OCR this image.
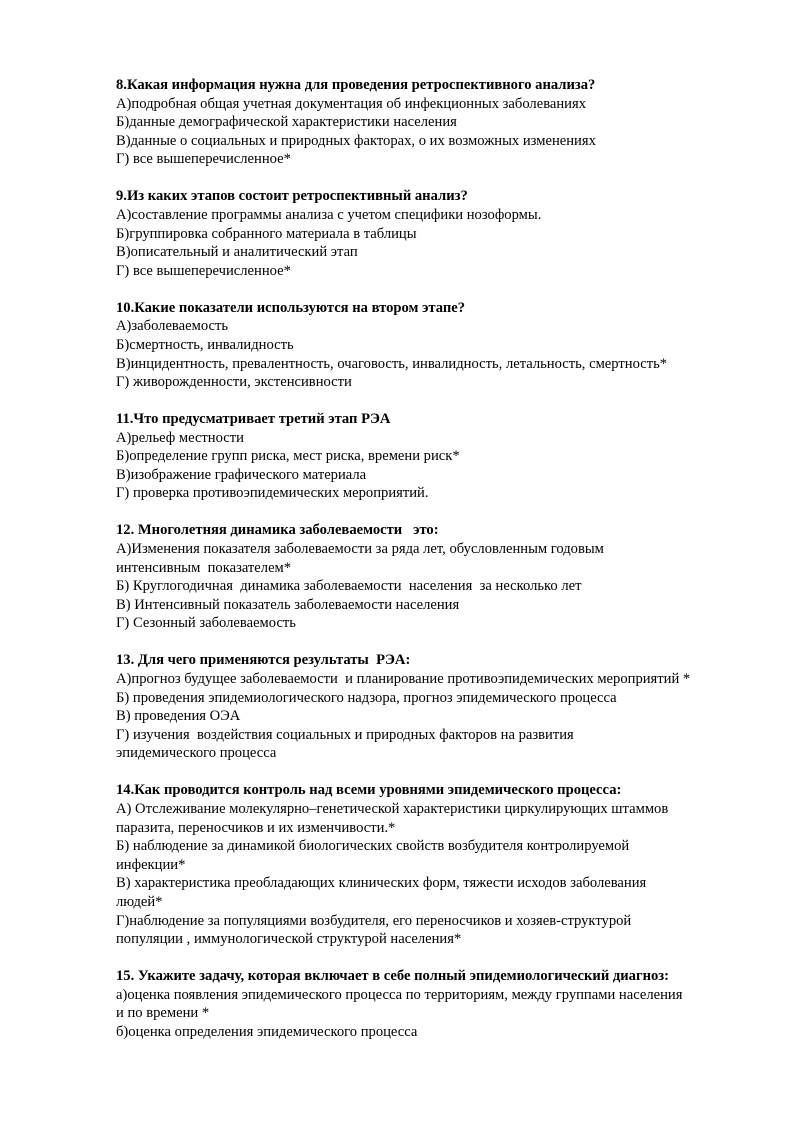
8.Какая информация нужна для проведения ретроспективного анализа?
А)подробная общая учетная документация об инфекционных заболеваниях
Б)данные демографической характеристики населения
В)данные о социальных и природных факторах, о их возможных изменениях
Г) все вышеперечисленное*
9.Из каких этапов состоит ретроспективный анализ?
А)составление программы анализа с учетом специфики нозоформы.
Б)группировка собранного материала в таблицы
В)описательный и аналитический этап
Г) все вышеперечисленное*
10.Какие показатели используются на втором этапе?
А)заболеваемость
Б)смертность, инвалидность
В)инцидентность, превалентность, очаговость, инвалидность, летальность, смертность*
Г) живорожденности, экстенсивности
11.Что предусматривает третий этап РЭА
А)рельеф местности
Б)определение групп риска, мест риска, времени риск*
В)изображение графического материала
Г) проверка противоэпидемических мероприятий.
12. Многолетняя динамика заболеваемости   это:
А)Изменения показателя заболеваемости за ряда лет, обусловленным годовым
интенсивным  показателем*
Б) Круглогодичная  динамика заболеваемости  населения  за несколько лет
В) Интенсивный показатель заболеваемости населения
Г) Сезонный заболеваемость
13. Для чего применяются результаты  РЭА:
А)прогноз будущее заболеваемости  и планирование противоэпидемических мероприятий *
Б) проведения эпидемиологического надзора, прогноз эпидемического процесса
В) проведения ОЭА
Г) изучения  воздействия социальных и природных факторов на развития
эпидемического процесса
14.Как проводится контроль над всеми уровнями эпидемического процесса:
А) Отслеживание молекулярно–генетической характеристики циркулирующих штаммов
паразита, переносчиков и их изменчивости.*
Б) наблюдение за динамикой биологических свойств возбудителя контролируемой
инфекции*
В) характеристика преобладающих клинических форм, тяжести исходов заболевания
людей*
Г)наблюдение за популяциями возбудителя, его переносчиков и хозяев-структурой
популяции , иммунологической структурой населения*
15. Укажите задачу, которая включает в себе полный эпидемиологический диагноз:
а)оценка появления эпидемического процесса по территориям, между группами населения
и по времени *
б)оценка определения эпидемического процесса
